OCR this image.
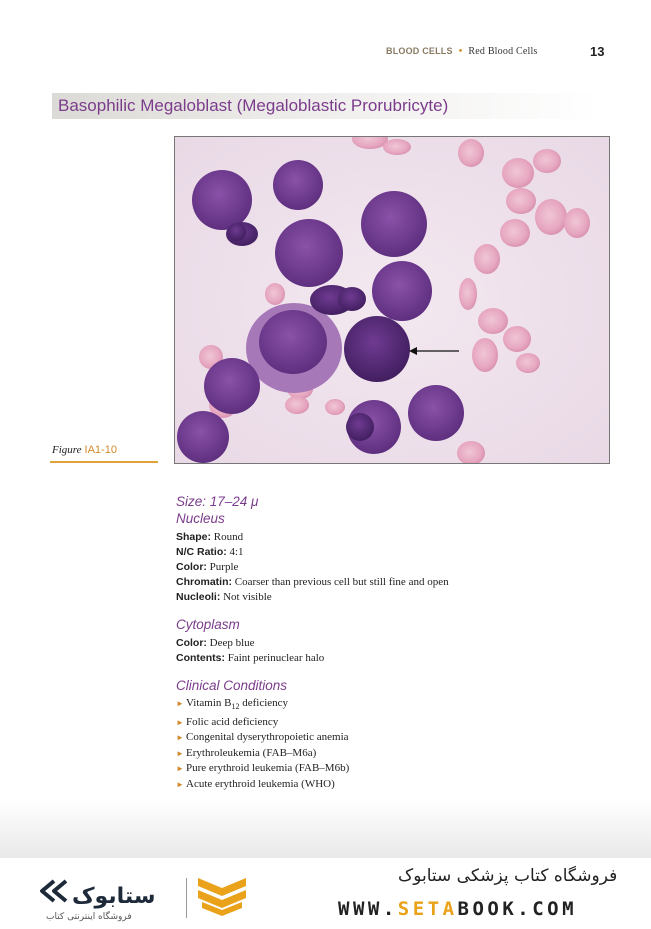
BLOOD CELLS • Red Blood Cells	13
Basophilic Megaloblast (Megaloblastic Prorubricyte)
Figure IA1-10

Size: 17–24 μ

Nucleus

Shape: Round
N/C Ratio: 4:1
Color: Purple
Chromatin: Coarser than previous cell but still fine and open
Nucleoli: Not visible

Cytoplasm

Color: Deep blue
Contents: Faint perinuclear halo

Clinical Conditions

► Vitamin $B_{12}$ deficiency
► Folic acid deficiency
► Congenital dyserythropoietic anemia
► Erythroleukemia (FAB–M6a)
► Pure erythroid leukemia (FAB–M6b)
► Acute erythroid leukemia (WHO)
ستابوک
فروشگاه اینترنتی کتاب
فروشگاه کتاب پزشکی ستابوک
WWW.SETABOOK.COM
